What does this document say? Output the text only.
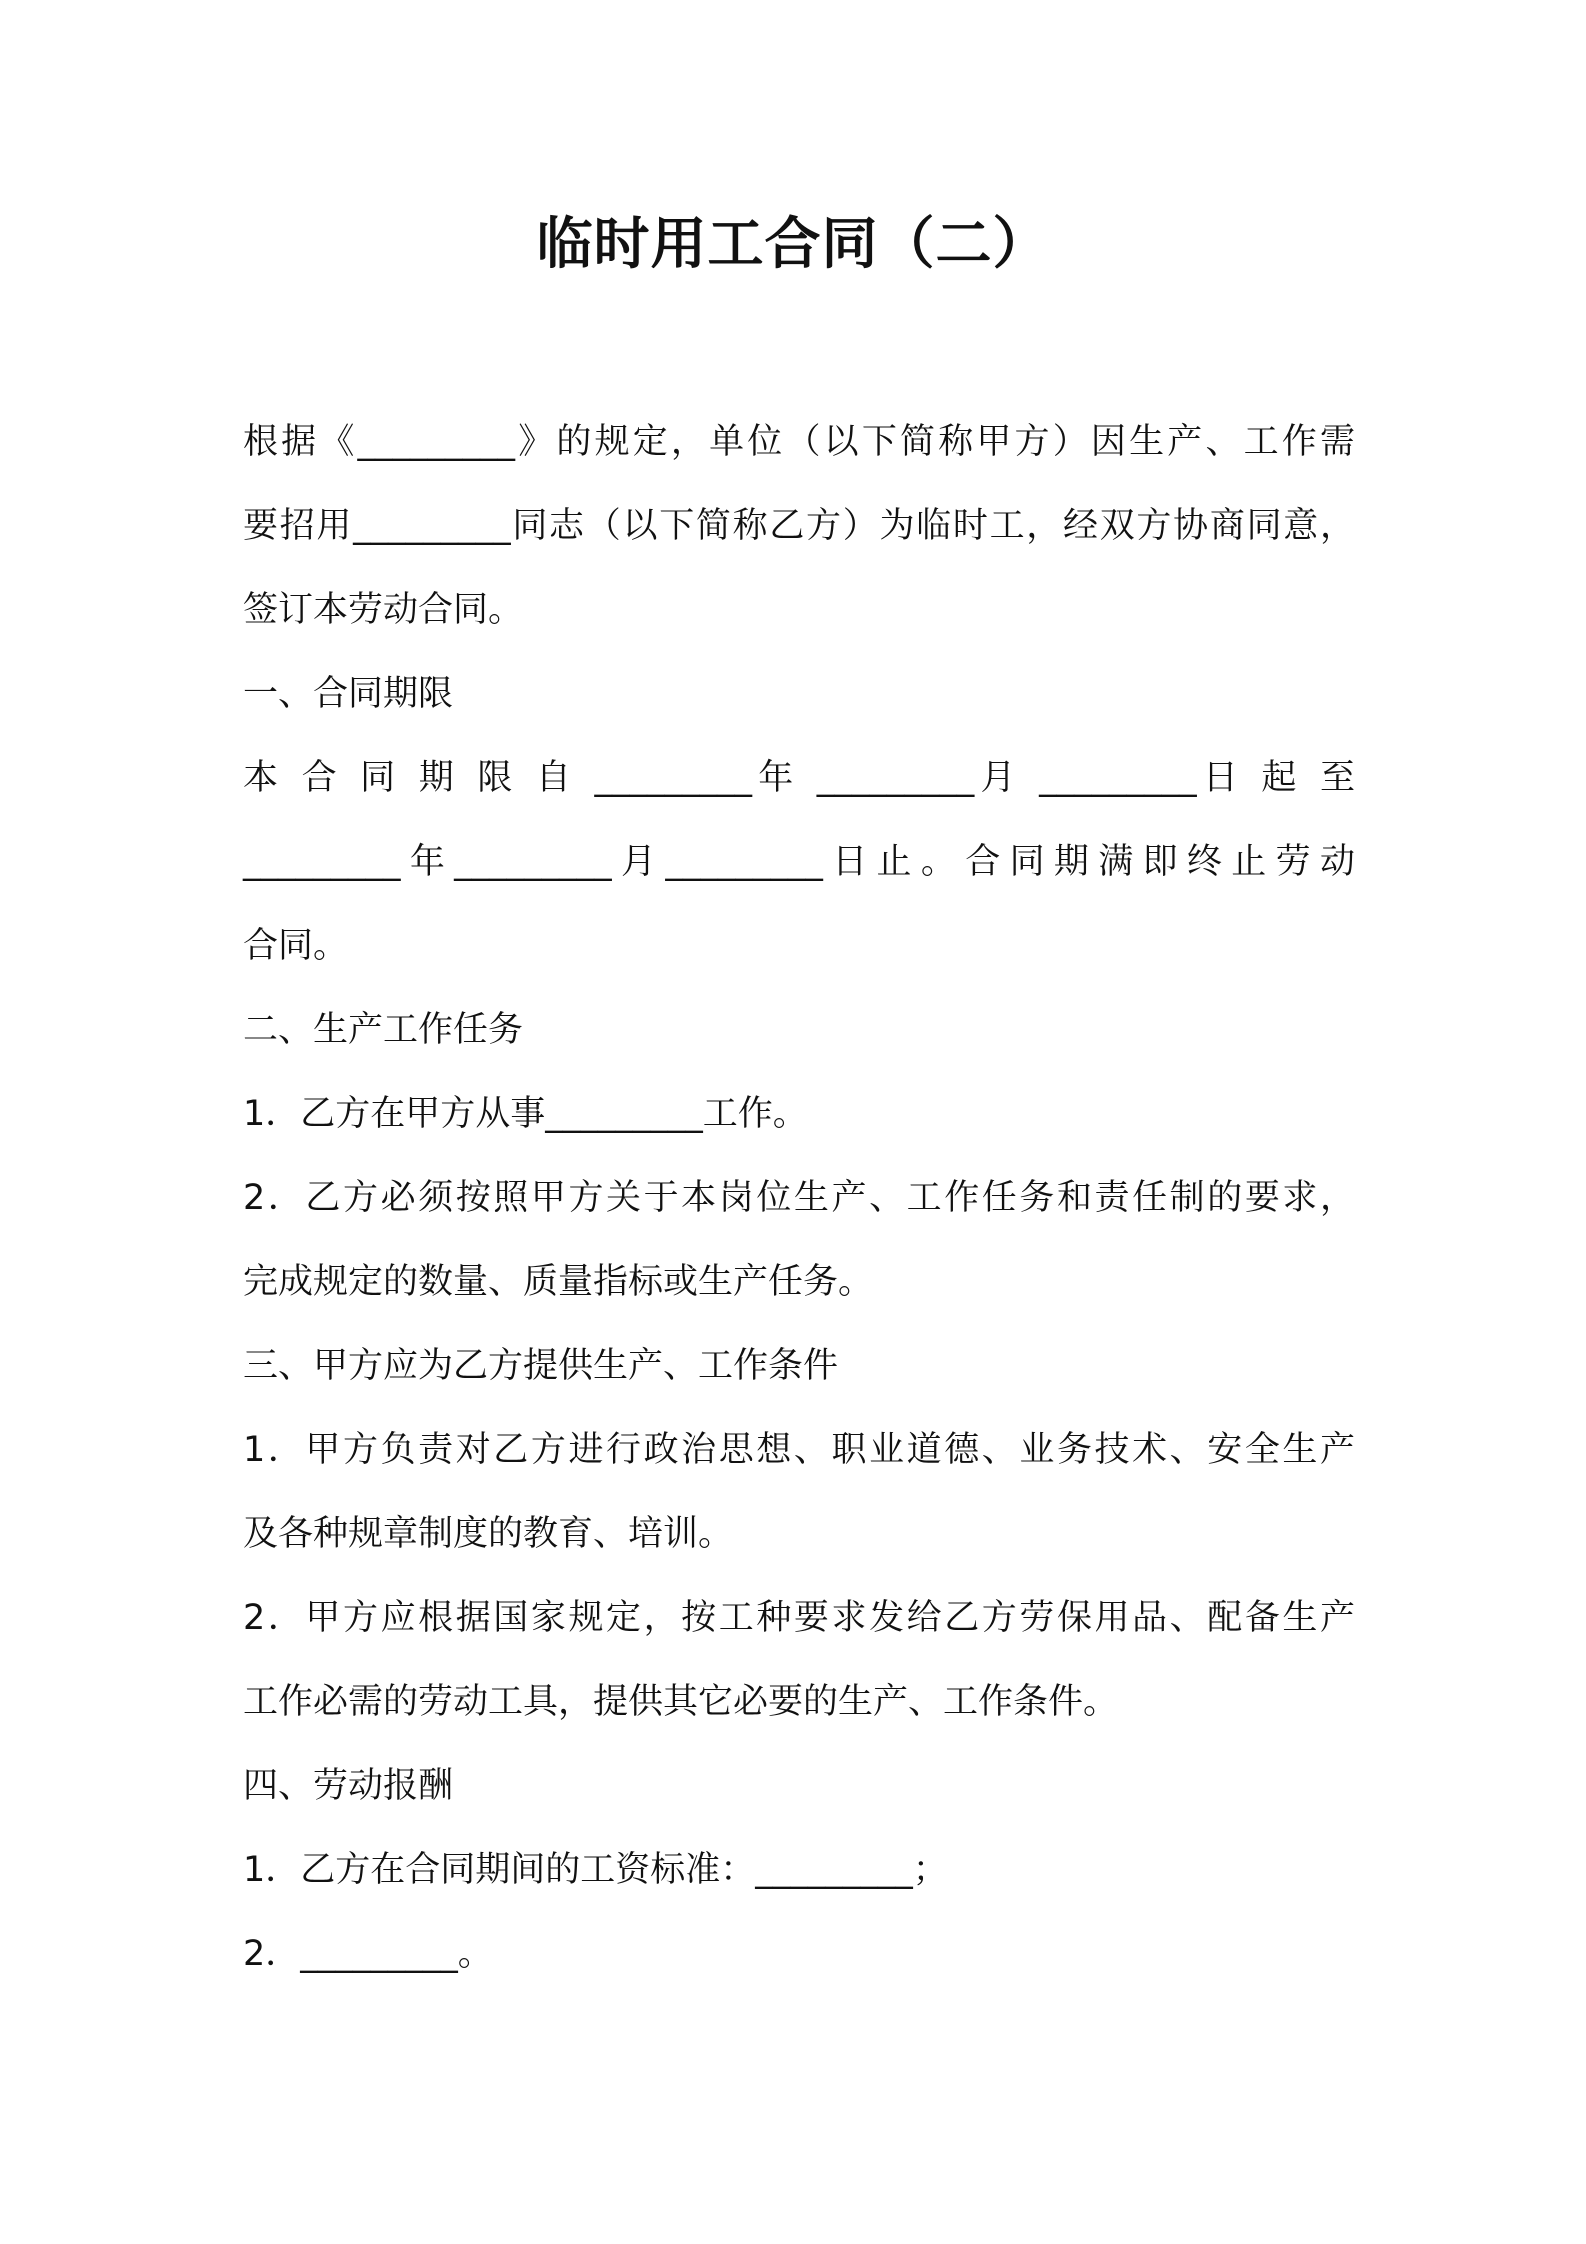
临时用工合同（二）

根据《_________》的规定，单位（以下简称甲方）因生产、工作需

要招用_________同志（以下简称乙方）为临时工，经双方协商同意，

签订本劳动合同。

一、合同期限

本 合 同 期 限 自 _________年 _________月 _________日 起 至

_________年_________月_________日止。合同期满即终止劳动

合同。

二、生产工作任务

1．乙方在甲方从事_________工作。

2．乙方必须按照甲方关于本岗位生产、工作任务和责任制的要求，

完成规定的数量、质量指标或生产任务。

三、甲方应为乙方提供生产、工作条件

1．甲方负责对乙方进行政治思想、职业道德、业务技术、安全生产

及各种规章制度的教育、培训。

2．甲方应根据国家规定，按工种要求发给乙方劳保用品、配备生产

工作必需的劳动工具，提供其它必要的生产、工作条件。

四、劳动报酬

1．乙方在合同期间的工资标准：_________；

2．_________。
